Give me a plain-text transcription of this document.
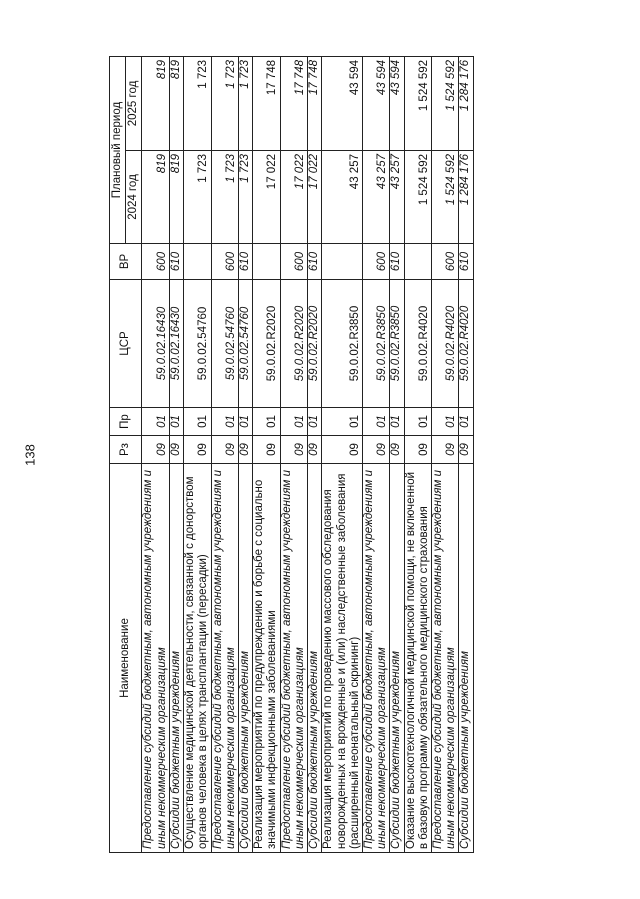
138
Наименование	Рз	Пр	ЦСР	ВР	Плановый период	
					2024 год	2025 год
Предоставление субсидий бюджетным, автономным учреждениям и иным некоммерческим организациям	09	01	59.0.02.16430	600	819	819
Субсидии бюджетным учреждениям	09	01	59.0.02.16430	610	819	819
Осуществление медицинской деятельности, связанной с донорством органов человека в целях трансплантации (пересадки)	09	01	59.0.02.54760		1 723	1 723
Предоставление субсидий бюджетным, автономным учреждениям и иным некоммерческим организациям	09	01	59.0.02.54760	600	1 723	1 723
Субсидии бюджетным учреждениям	09	01	59.0.02.54760	610	1 723	1 723
Реализация мероприятий по предупреждению и борьбе с социально значимыми инфекционными заболеваниями	09	01	59.0.02.R2020		17 022	17 748
Предоставление субсидий бюджетным, автономным учреждениям и иным некоммерческим организациям	09	01	59.0.02.R2020	600	17 022	17 748
Субсидии бюджетным учреждениям	09	01	59.0.02.R2020	610	17 022	17 748
Реализация мероприятий по проведению массового обследования новорожденных на врожденные и (или) наследственные заболевания (расширенный неонатальный скрининг)	09	01	59.0.02.R3850		43 257	43 594
Предоставление субсидий бюджетным, автономным учреждениям и иным некоммерческим организациям	09	01	59.0.02.R3850	600	43 257	43 594
Субсидии бюджетным учреждениям	09	01	59.0.02.R3850	610	43 257	43 594
Оказание высокотехнологичной медицинской помощи, не включенной в базовую программу обязательного медицинского страхования	09	01	59.0.02.R4020		1 524 592	1 524 592
Предоставление субсидий бюджетным, автономным учреждениям и иным некоммерческим организациям	09	01	59.0.02.R4020	600	1 524 592	1 524 592
Субсидии бюджетным учреждениям	09	01	59.0.02.R4020	610	1 284 176	1 284 176
